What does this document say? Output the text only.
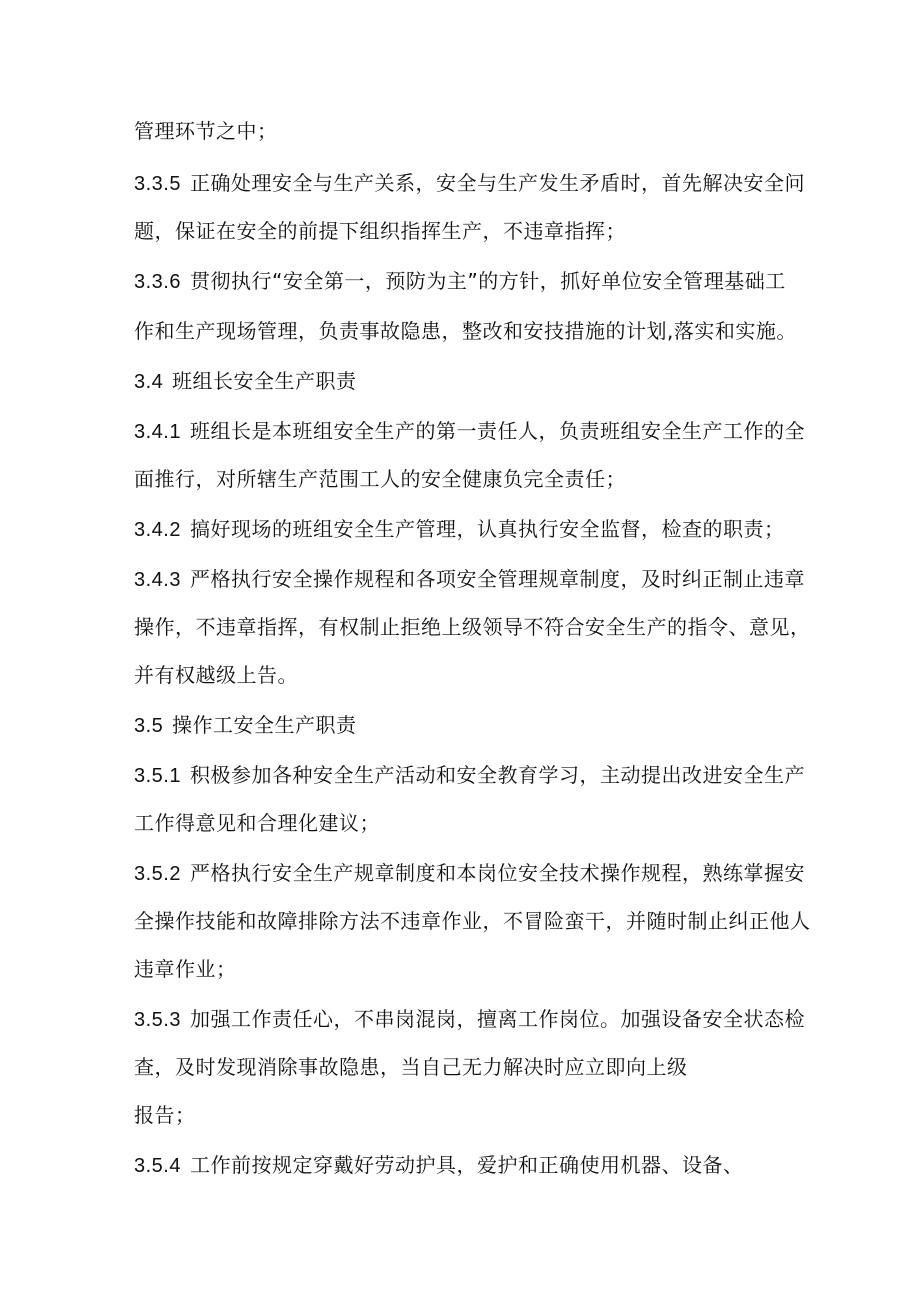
管理环节之中；
3.3.5 正确处理安全与生产关系，安全与生产发生矛盾时，首先解决安全问
题，保证在安全的前提下组织指挥生产，不违章指挥；
3.3.6 贯彻执行“安全第一，预防为主”的方针，抓好单位安全管理基础工
作和生产现场管理，负责事故隐患，整改和安技措施的计划,落实和实施。
3.4 班组长安全生产职责
3.4.1 班组长是本班组安全生产的第一责任人，负责班组安全生产工作的全
面推行，对所辖生产范围工人的安全健康负完全责任；
3.4.2 搞好现场的班组安全生产管理，认真执行安全监督，检查的职责；
3.4.3 严格执行安全操作规程和各项安全管理规章制度，及时纠正制止违章
操作，不违章指挥，有权制止拒绝上级领导不符合安全生产的指令、意见，
并有权越级上告。
3.5 操作工安全生产职责
3.5.1 积极参加各种安全生产活动和安全教育学习，主动提出改进安全生产
工作得意见和合理化建议；
3.5.2 严格执行安全生产规章制度和本岗位安全技术操作规程，熟练掌握安
全操作技能和故障排除方法不违章作业，不冒险蛮干，并随时制止纠正他人
违章作业；
3.5.3 加强工作责任心，不串岗混岗，擅离工作岗位。加强设备安全状态检
查，及时发现消除事故隐患，当自己无力解决时应立即向上级
报告；
3.5.4 工作前按规定穿戴好劳动护具，爱护和正确使用机器、设备、
